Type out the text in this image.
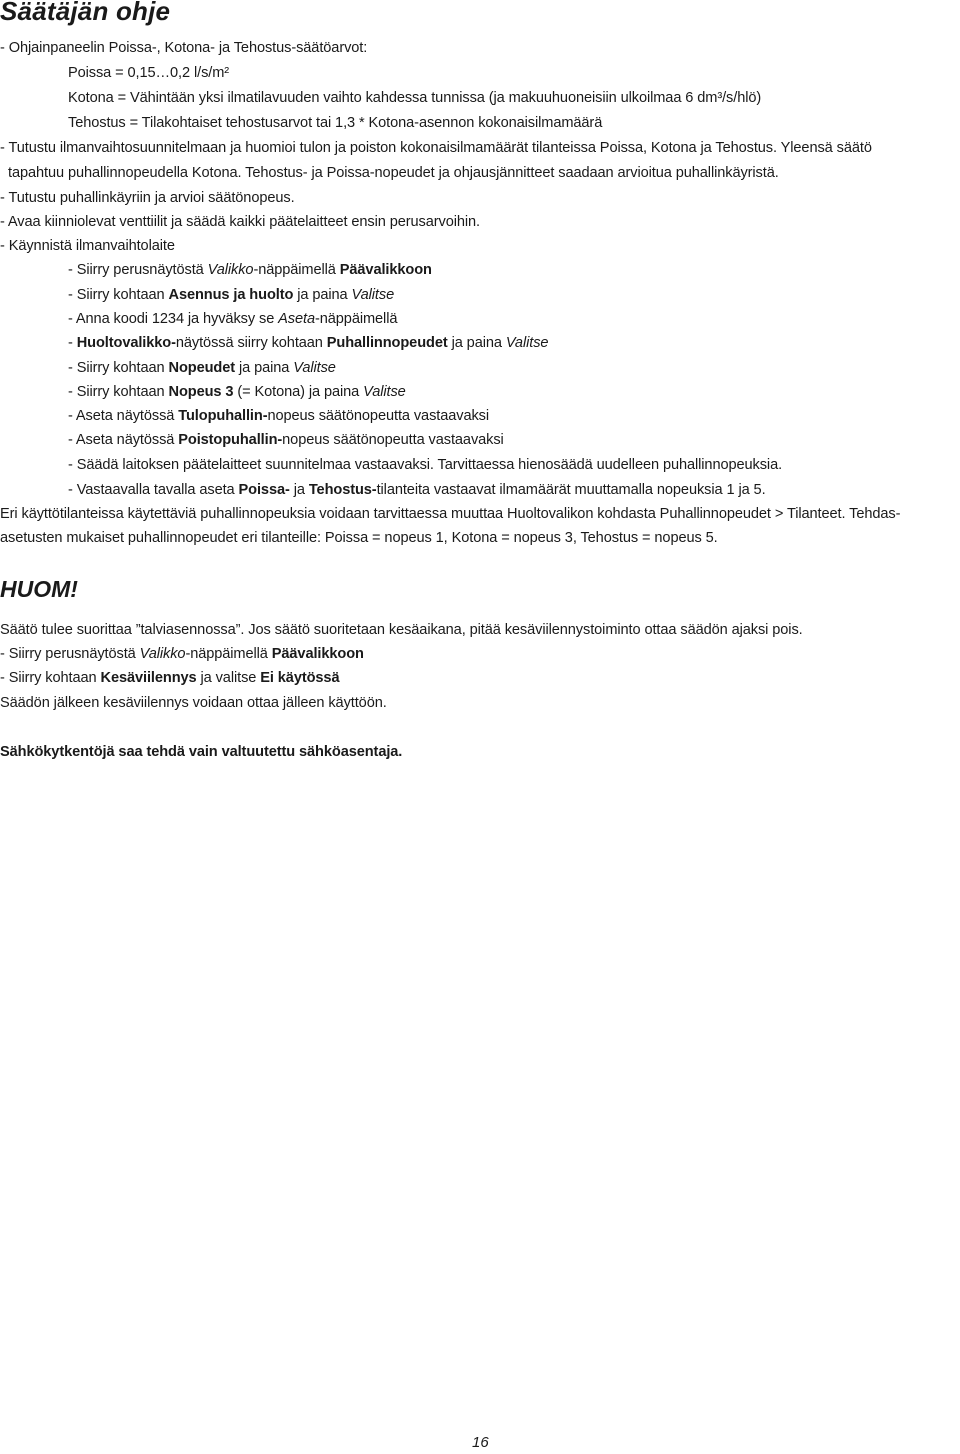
Säätäjän ohje
- Ohjainpaneelin Poissa-, Kotona- ja Tehostus-säätöarvot:
Poissa = 0,15…0,2 l/s/m²
Kotona = Vähintään yksi ilmatilavuuden vaihto kahdessa tunnissa (ja makuuhuoneisiin ulkoilmaa 6 dm³/s/hlö)
Tehostus = Tilakohtaiset tehostusarvot tai 1,3 * Kotona-asennon kokonaisilmamäärä
- Tutustu ilmanvaihtosuunnitelmaan ja huomioi tulon ja poiston kokonaisilmamäärät tilanteissa Poissa, Kotona ja Tehostus. Yleensä säätö
tapahtuu puhallinnopeudella Kotona. Tehostus- ja Poissa-nopeudet ja ohjausjännitteet saadaan arvioitua puhallinkäyristä.
- Tutustu puhallinkäyriin ja arvioi säätönopeus.
- Avaa kiinniolevat venttiilit ja säädä kaikki päätelaitteet ensin perusarvoihin.
- Käynnistä ilmanvaihtolaite
- Siirry perusnäytöstä Valikko-näppäimellä Päävalikkoon
- Siirry kohtaan Asennus ja huolto ja paina Valitse
- Anna koodi 1234 ja hyväksy se Aseta-näppäimellä
- Huoltovalikko-näytössä siirry kohtaan Puhallinnopeudet ja paina Valitse
- Siirry kohtaan Nopeudet ja paina Valitse
- Siirry kohtaan Nopeus 3 (= Kotona) ja paina Valitse
- Aseta näytössä Tulopuhallin-nopeus säätönopeutta vastaavaksi
- Aseta näytössä Poistopuhallin-nopeus säätönopeutta vastaavaksi
- Säädä laitoksen päätelaitteet suunnitelmaa vastaavaksi. Tarvittaessa hienosäädä uudelleen puhallinnopeuksia.
- Vastaavalla tavalla aseta Poissa- ja Tehostus-tilanteita vastaavat ilmamäärät muuttamalla nopeuksia 1 ja 5.
Eri käyttötilanteissa käytettäviä puhallinnopeuksia voidaan tarvittaessa muuttaa Huoltovalikon kohdasta Puhallinnopeudet > Tilanteet. Tehdas-
asetusten mukaiset puhallinnopeudet eri tilanteille: Poissa = nopeus 1, Kotona = nopeus 3, Tehostus = nopeus 5.
HUOM!
Säätö tulee suorittaa ”talviasennossa”. Jos säätö suoritetaan kesäaikana, pitää kesäviilennystoiminto ottaa säädön ajaksi pois.
- Siirry perusnäytöstä Valikko-näppäimellä Päävalikkoon
- Siirry kohtaan Kesäviilennys ja valitse Ei käytössä
Säädön jälkeen kesäviilennys voidaan ottaa jälleen käyttöön.
Sähkökytkentöjä saa tehdä vain valtuutettu sähköasentaja.
16
